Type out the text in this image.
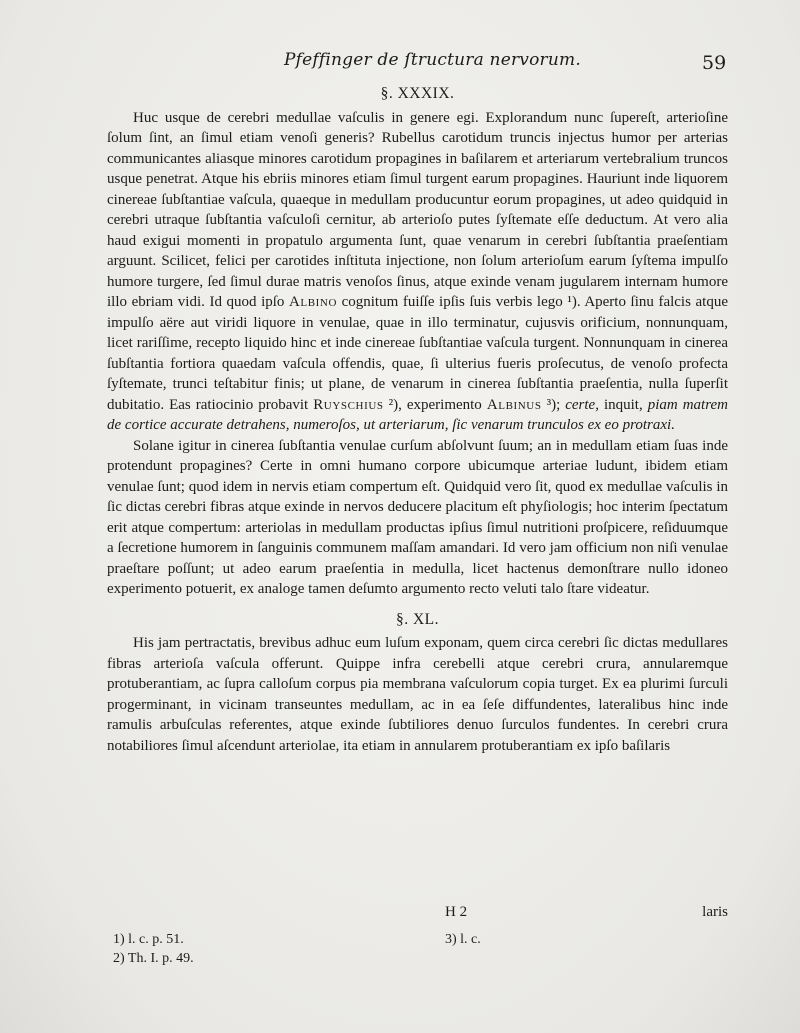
Pfeffinger de ſtructura nervorum.	59
§. XXXIX.

Huc usque de cerebri medullae vaſculis in genere egi. Explorandum nunc ſupereſt, arterioſine ſolum ſint, an ſimul etiam venoſi generis? Rubellus carotidum truncis injectus humor per arterias communicantes aliasque minores carotidum propagines in baſilarem et arteriarum vertebralium truncos usque penetrat. Atque his ebriis minores etiam ſimul turgent earum propagines. Hauriunt inde liquorem cinereae ſubſtantiae vaſcula, quaeque in medullam producuntur eorum propagines, ut adeo quidquid in cerebri utraque ſubſtantia vaſculoſi cernitur, ab arterioſo putes ſyſtemate eſſe deductum. At vero alia haud exigui momenti in propatulo argumenta ſunt, quae venarum in cerebri ſubſtantia praeſentiam arguunt. Scilicet, felici per carotides inſtituta injectione, non ſolum arterioſum earum ſyſtema impulſo humore turgere, ſed ſimul durae matris venoſos ſinus, atque exinde venam jugularem internam humore illo ebriam vidi. Id quod ipſo Albino cognitum fuiſſe ipſis ſuis verbis lego ¹). Aperto ſinu falcis atque impulſo aëre aut viridi liquore in venulae, quae in illo terminatur, cujusvis orificium, nonnunquam, licet rariſſime, recepto liquido hinc et inde cinereae ſubſtantiae vaſcula turgent. Nonnunquam in cinerea ſubſtantia fortiora quaedam vaſcula offendis, quae, ſi ulterius fueris proſecutus, de venoſo profecta ſyſtemate, trunci teſtabitur finis; ut plane, de venarum in cinerea ſubſtantia praeſentia, nulla ſuperſit dubitatio. Eas ratiocinio probavit Ruyschius ²), experimento Albinus ³); certe, inquit, piam matrem de cortice accurate detrahens, numeroſos, ut arteriarum, ſic venarum trunculos ex eo protraxi.

Solane igitur in cinerea ſubſtantia venulae curſum abſolvunt ſuum; an in medullam etiam ſuas inde protendunt propagines? Certe in omni humano corpore ubicumque arteriae ludunt, ibidem etiam venulae ſunt; quod idem in nervis etiam compertum eſt. Quidquid vero ſit, quod ex medullae vaſculis in ſic dictas cerebri fibras atque exinde in nervos deducere placitum eſt phyſiologis; hoc interim ſpectatum erit atque compertum: arteriolas in medullam productas ipſius ſimul nutritioni proſpicere, reſiduumque a ſecretione humorem in ſanguinis communem maſſam amandari. Id vero jam officium non niſi venulae praeſtare poſſunt; ut adeo earum praeſentia in medulla, licet hactenus demonſtrare nullo idoneo experimento potuerit, ex analoge tamen deſumto argumento recto veluti talo ſtare videatur.

§. XL.

His jam pertractatis, brevibus adhuc eum luſum exponam, quem circa cerebri ſic dictas medullares fibras arterioſa vaſcula offerunt. Quippe infra cerebelli atque cerebri crura, annularemque protuberantiam, ac ſupra calloſum corpus pia membrana vaſculorum copia turget. Ex ea plurimi ſurculi progerminant, in vicinam transeuntes medullam, ac in ea ſeſe diffundentes, lateralibus hinc inde ramulis arbuſculas referentes, atque exinde ſubtiliores denuo ſurculos fundentes. In cerebri crura notabiliores ſimul aſcendunt arteriolae, ita etiam in annularem protuberantiam ex ipſo baſilaris

H 2	laris
1) l. c. p. 51.
2) Th. I. p. 49.
3) l. c.
